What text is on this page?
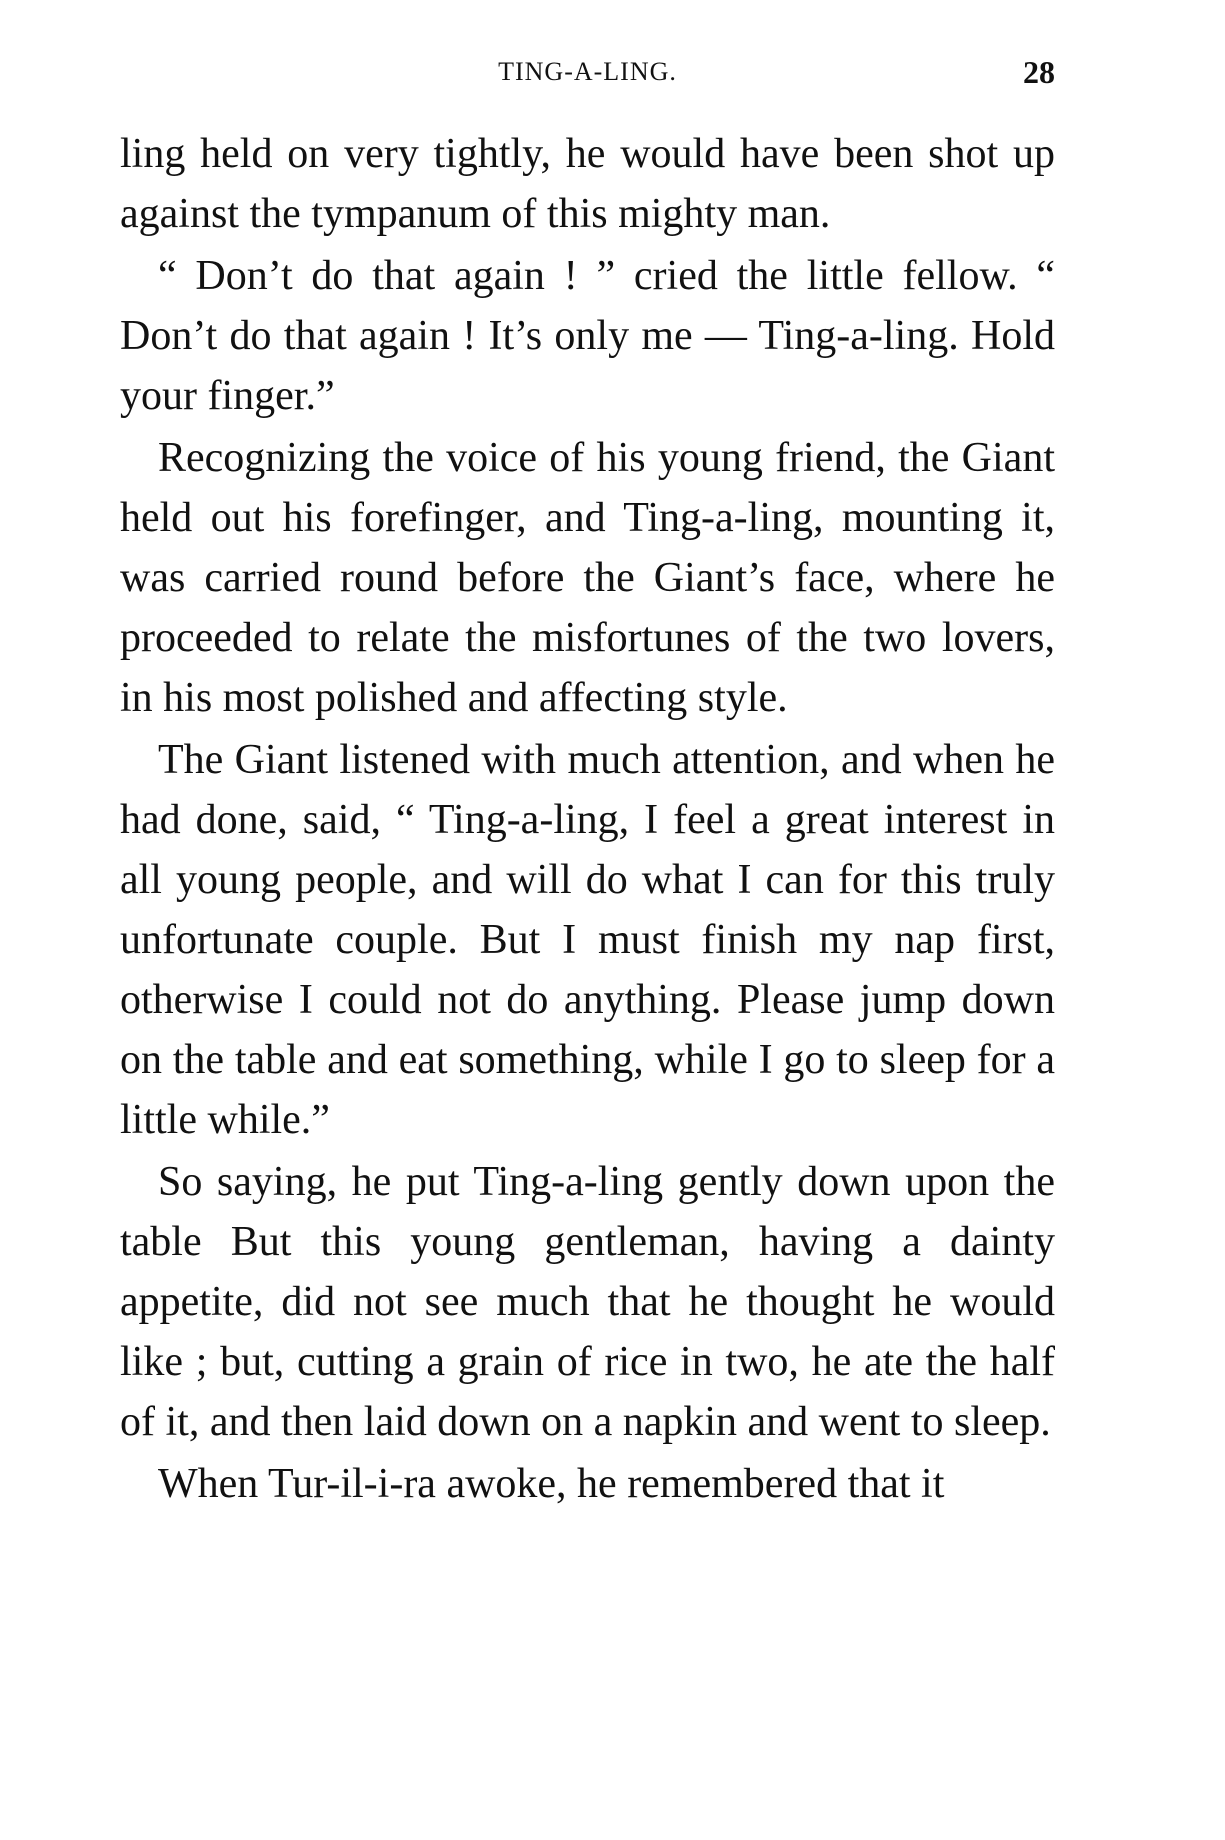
TING-A-LING.	28

ling held on very tightly, he would have been shot up against the tympanum of this mighty man.

“ Don’t do that again ! ” cried the little fellow. “ Don’t do that again ! It’s only me — Ting-a-ling. Hold your finger.”

Recognizing the voice of his young friend, the Giant held out his forefinger, and Ting-a-ling, mounting it, was carried round before the Giant’s face, where he proceeded to relate the misfortunes of the two lovers, in his most polished and affecting style.

The Giant listened with much attention, and when he had done, said, “ Ting-a-ling, I feel a great interest in all young people, and will do what I can for this truly unfortunate couple. But I must finish my nap first, otherwise I could not do anything. Please jump down on the table and eat something, while I go to sleep for a little while.”

So saying, he put Ting-a-ling gently down upon the table But this young gentleman, having a dainty appetite, did not see much that he thought he would like ; but, cutting a grain of rice in two, he ate the half of it, and then laid down on a napkin and went to sleep.

When Tur-il-i-ra awoke, he remembered that it
